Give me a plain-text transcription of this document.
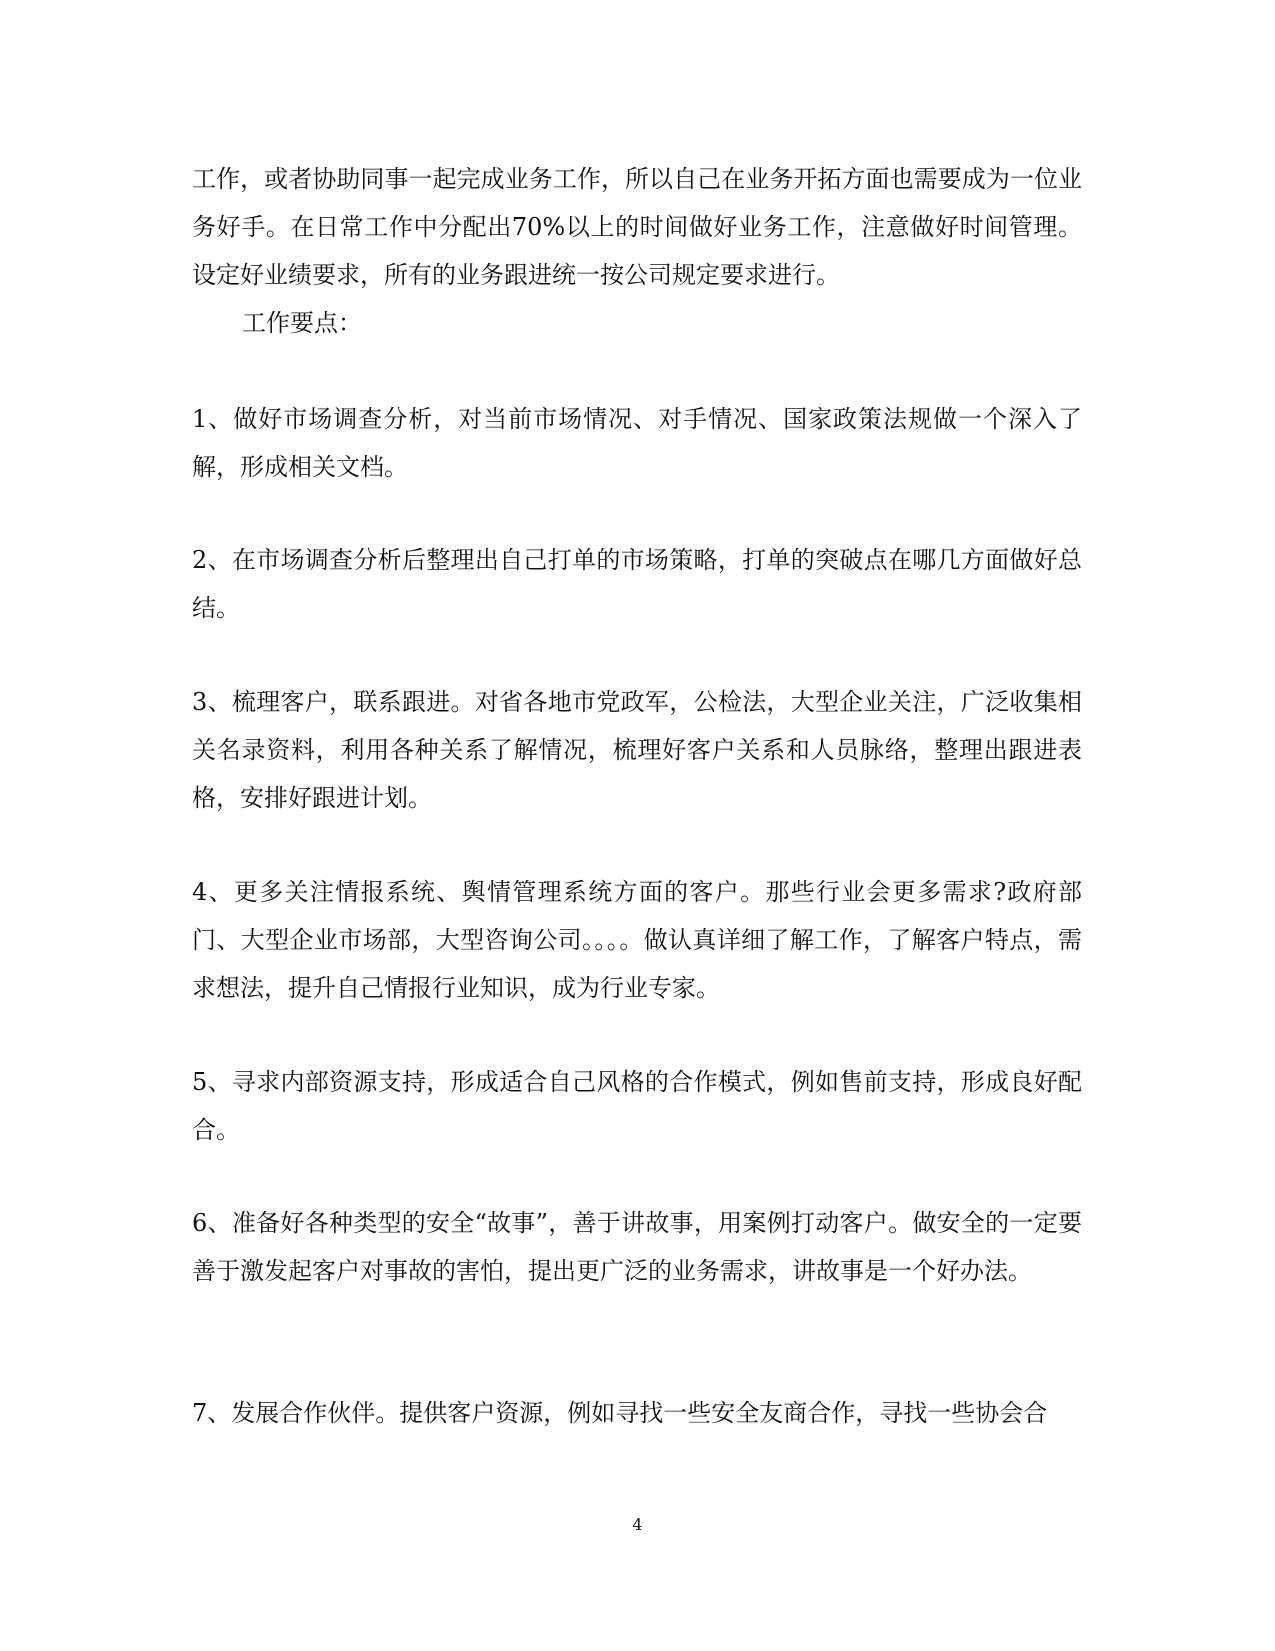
工作，或者协助同事一起完成业务工作，所以自己在业务开拓方面也需要成为一位业务好手。在日常工作中分配出70%以上的时间做好业务工作，注意做好时间管理。设定好业绩要求，所有的业务跟进统一按公司规定要求进行。

工作要点：

1、做好市场调查分析，对当前市场情况、对手情况、国家政策法规做一个深入了解，形成相关文档。

2、在市场调查分析后整理出自己打单的市场策略，打单的突破点在哪几方面做好总结。

3、梳理客户，联系跟进。对省各地市党政军，公检法，大型企业关注，广泛收集相关名录资料，利用各种关系了解情况，梳理好客户关系和人员脉络，整理出跟进表格，安排好跟进计划。

4、更多关注情报系统、舆情管理系统方面的客户。那些行业会更多需求?政府部门、大型企业市场部，大型咨询公司。。。。做认真详细了解工作，了解客户特点，需求想法，提升自己情报行业知识，成为行业专家。

5、寻求内部资源支持，形成适合自己风格的合作模式，例如售前支持，形成良好配合。

6、准备好各种类型的安全“故事”，善于讲故事，用案例打动客户。做安全的一定要善于激发起客户对事故的害怕，提出更广泛的业务需求，讲故事是一个好办法。

7、发展合作伙伴。提供客户资源，例如寻找一些安全友商合作，寻找一些协会合

4
